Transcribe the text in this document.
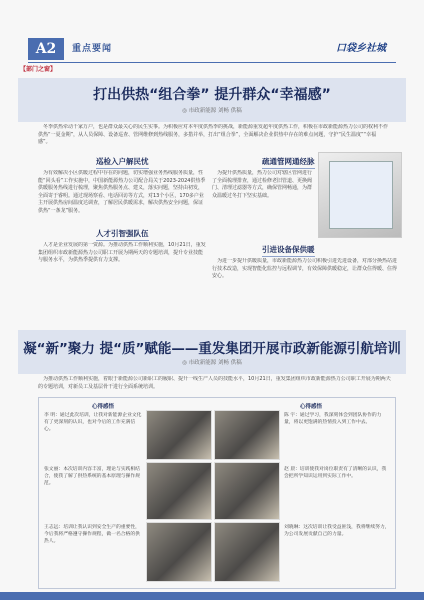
A2	重点要闻	口袋乡社城
【部门之窗】
打出供热“组合拳” 提升群众“幸福感”
◎ 市政新能源 刘畅 供稿
冬季供热牵动千家万户，也是群众最关心的民生实事。为积极应对本年度供热季的挑战，新能源重发超年度供热工作，积极在市政新能源热力公司的权利不作供热“一夏金期”，从人员保障、设备巡查、管网维修到热线服务，多措并举，打出“组合拳”，全面解决企业供热中存在的难点问题，守护“民生温度”“幸福感”。
巡检入户解民忧	疏通管网通经脉
为有效解决小区供暖过程中存在的问题，切实增强业务热线服务质量，性能“回头看”工作实施中，中国新能源热力公司配合局关于2023-2024供热季供暖服务热线进行梳理，聚焦供热服务点、建义，落实问题，坚持由初发，全面寄于睿明。通过现场察看、电话回访等方式，对13个小区，170多户业主开展供热房间温度达调查，了解居民供暖需求，解决供热安全问题，保证供热“一条龙”服务。
为提升供热质量，热力公司对辖区管网进行了全面梳理排查，通过检修老旧管道、更换阀门、清理过滤器等方式，确保管网畅通，为群众温暖过冬打下坚实基础。
人才引智强队伍
引进设备保供暖
人才是企业发展的第一资源。为推动供热工作顺利实施，10月21日，重发集团组织市政新能源热力公司职工开展为期两天的专题培训，提升专业技能与服务水平，为供热季提供有力支撑。	为进一步提升供暖质量，市政新能源热力公司积极引进先进设备，对部分换热站进行技术改造，实现智能化监控与远程调节，有效保障供暖稳定，让群众住得暖、住得安心。
凝“新”聚力 提“质”赋能——重发集团开展市政新能源引航培训
◎ 市政新能源 刘畅 供稿
为推动供热工作顺利实施，着眼于新能源公司新职工的履职、提升一线生产人员的技能水平，10月21日，重发集团组织市政新能源热力公司职工开展为期两天的专题培训，对新员工及基层骨干进行全面系统培训。
心得感悟	心得感悟
李 明：通过此次培训，让我对新能源企业文化有了更深刻的认识，也对今后的工作充满信心。
陈 宇：通过学习，我深刻体会到团队协作的力量，将以更饱满的热情投入到工作中去。
张文丽：本次培训内容丰富，理论与实践相结合，使我了解了供热系统的基本原理与操作规范。
赵 晨：培训使我对岗位职责有了清晰的认识，我会把所学知识运用到实际工作中。
王志远：培训让我认识到安全生产的重要性，今后我将严格遵守操作规程，做一名合格的供热人。
刘晓琳：这次培训让我受益匪浅，我将继续努力，为公司发展贡献自己的力量。
